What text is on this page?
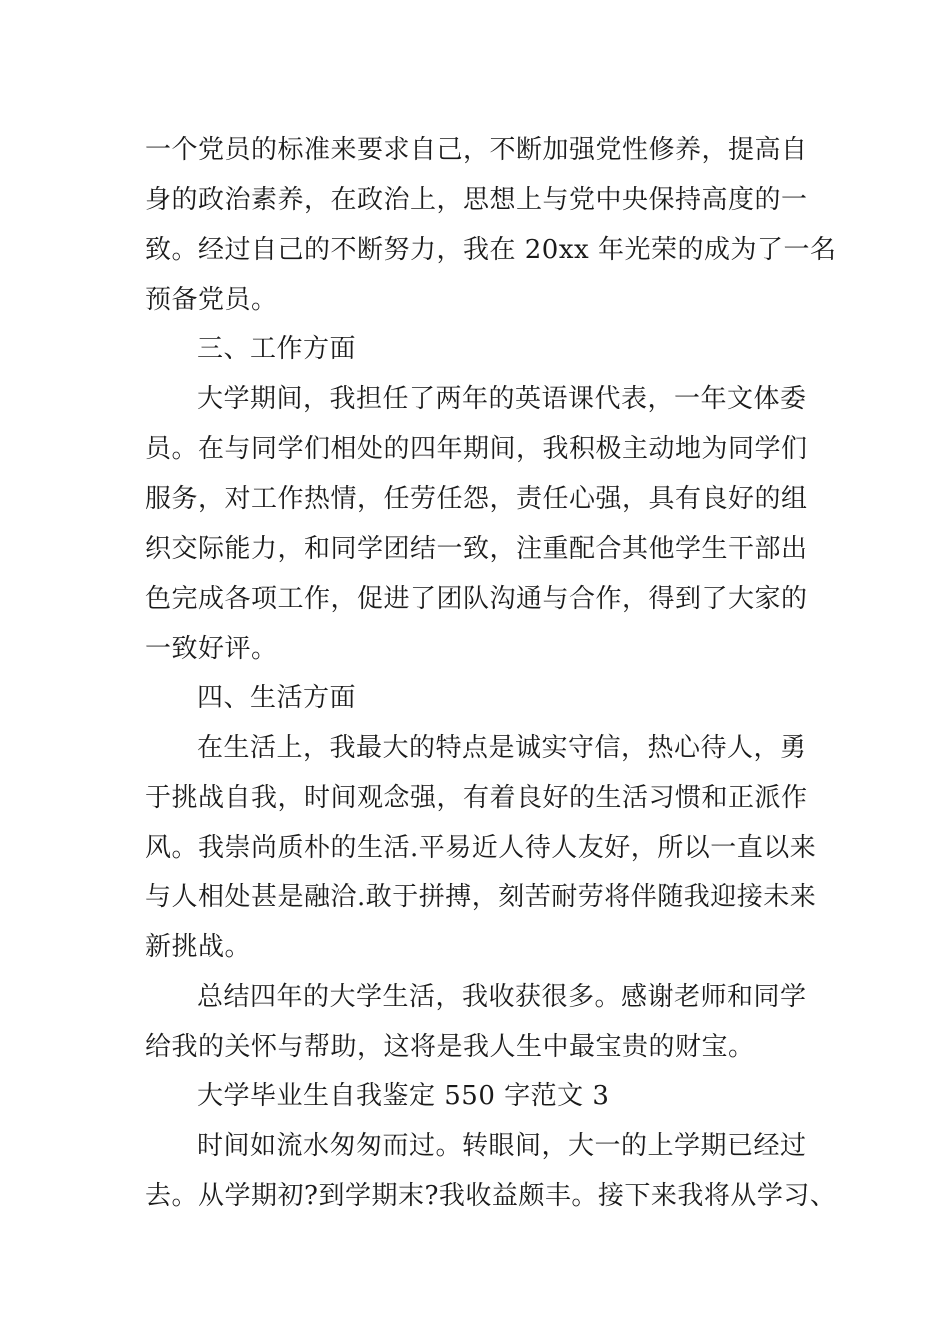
一个党员的标准来要求自己，不断加强党性修养，提高自
身的政治素养，在政治上，思想上与党中央保持高度的一
致。经过自己的不断努力，我在 20xx 年光荣的成为了一名
预备党员。
三、工作方面
大学期间，我担任了两年的英语课代表，一年文体委
员。在与同学们相处的四年期间，我积极主动地为同学们
服务，对工作热情，任劳任怨，责任心强，具有良好的组
织交际能力，和同学团结一致，注重配合其他学生干部出
色完成各项工作，促进了团队沟通与合作，得到了大家的
一致好评。
四、生活方面
在生活上，我最大的特点是诚实守信，热心待人，勇
于挑战自我，时间观念强，有着良好的生活习惯和正派作
风。我崇尚质朴的生活.平易近人待人友好，所以一直以来
与人相处甚是融洽.敢于拼搏，刻苦耐劳将伴随我迎接未来
新挑战。
总结四年的大学生活，我收获很多。感谢老师和同学
给我的关怀与帮助，这将是我人生中最宝贵的财宝。
大学毕业生自我鉴定 550 字范文 3
时间如流水匆匆而过。转眼间，大一的上学期已经过
去。从学期初?到学期末?我收益颇丰。接下来我将从学习、
